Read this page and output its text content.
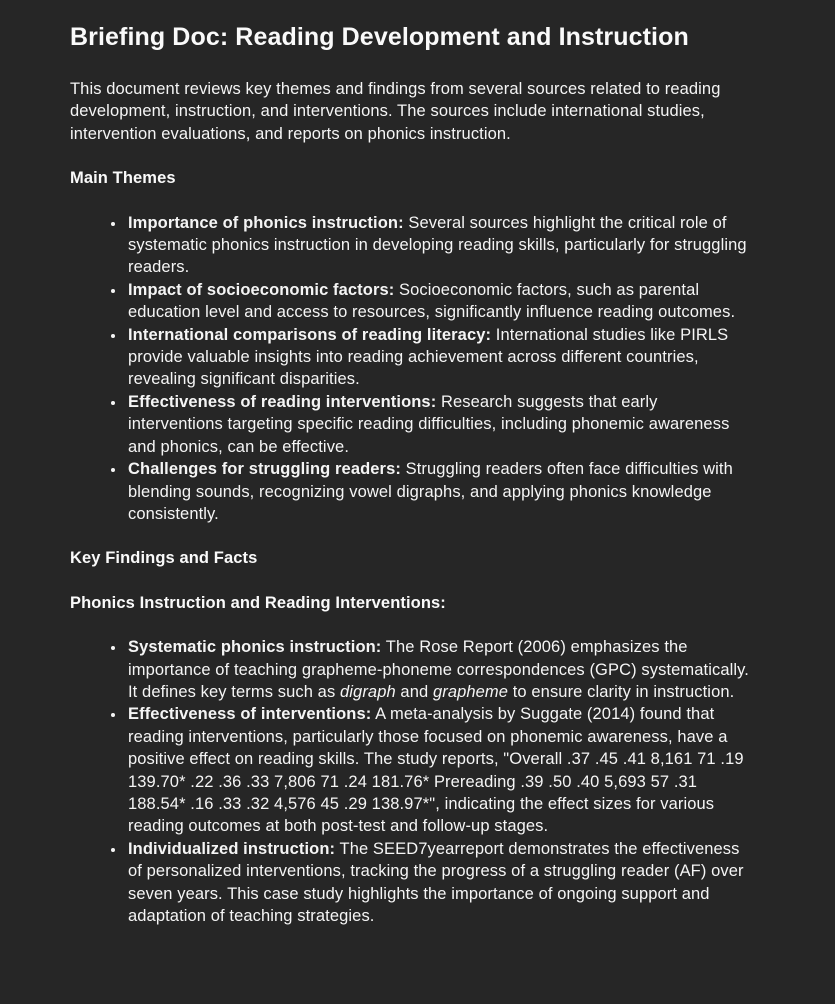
Briefing Doc: Reading Development and Instruction

This document reviews key themes and findings from several sources related to reading development, instruction, and interventions. The sources include international studies, intervention evaluations, and reports on phonics instruction.

Main Themes
• Importance of phonics instruction: Several sources highlight the critical role of systematic phonics instruction in developing reading skills, particularly for struggling readers.
• Impact of socioeconomic factors: Socioeconomic factors, such as parental education level and access to resources, significantly influence reading outcomes.
• International comparisons of reading literacy: International studies like PIRLS provide valuable insights into reading achievement across different countries, revealing significant disparities.
• Effectiveness of reading interventions: Research suggests that early interventions targeting specific reading difficulties, including phonemic awareness and phonics, can be effective.
• Challenges for struggling readers: Struggling readers often face difficulties with blending sounds, recognizing vowel digraphs, and applying phonics knowledge consistently.
Key Findings and Facts
Phonics Instruction and Reading Interventions:
• Systematic phonics instruction: The Rose Report (2006) emphasizes the importance of teaching grapheme-phoneme correspondences (GPC) systematically. It defines key terms such as digraph and grapheme to ensure clarity in instruction.
• Effectiveness of interventions: A meta-analysis by Suggate (2014) found that reading interventions, particularly those focused on phonemic awareness, have a positive effect on reading skills. The study reports, "Overall .37 .45 .41 8,161 71 .19 139.70* .22 .36 .33 7,806 71 .24 181.76* Prereading .39 .50 .40 5,693 57 .31 188.54* .16 .33 .32 4,576 45 .29 138.97*", indicating the effect sizes for various reading outcomes at both post-test and follow-up stages.
• Individualized instruction: The SEED7yearreport demonstrates the effectiveness of personalized interventions, tracking the progress of a struggling reader (AF) over seven years. This case study highlights the importance of ongoing support and adaptation of teaching strategies.
